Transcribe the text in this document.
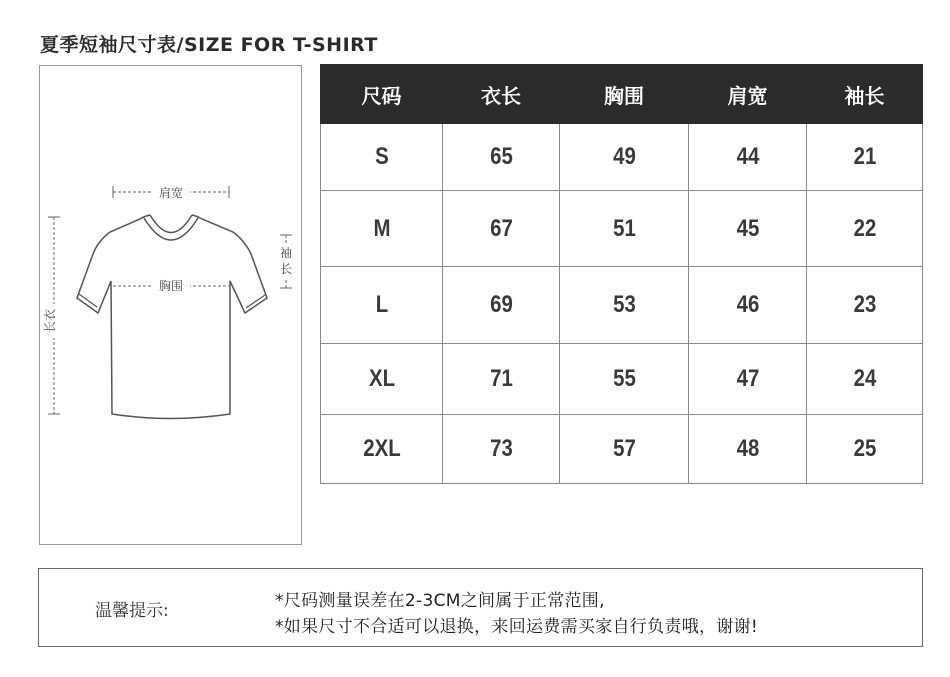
夏季短袖尺寸表/SIZE FOR T-SHIRT
肩宽
胸围
长衣
袖
长
尺码	衣长	胸围	肩宽	袖长
S	65	49	44	21
M	67	51	45	22
L	69	53	46	23
XL	71	55	47	24
2XL	73	57	48	25
温馨提示:	*尺码测量误差在2-3CM之间属于正常范围,
*如果尺寸不合适可以退换，来回运费需买家自行负责哦，谢谢!
